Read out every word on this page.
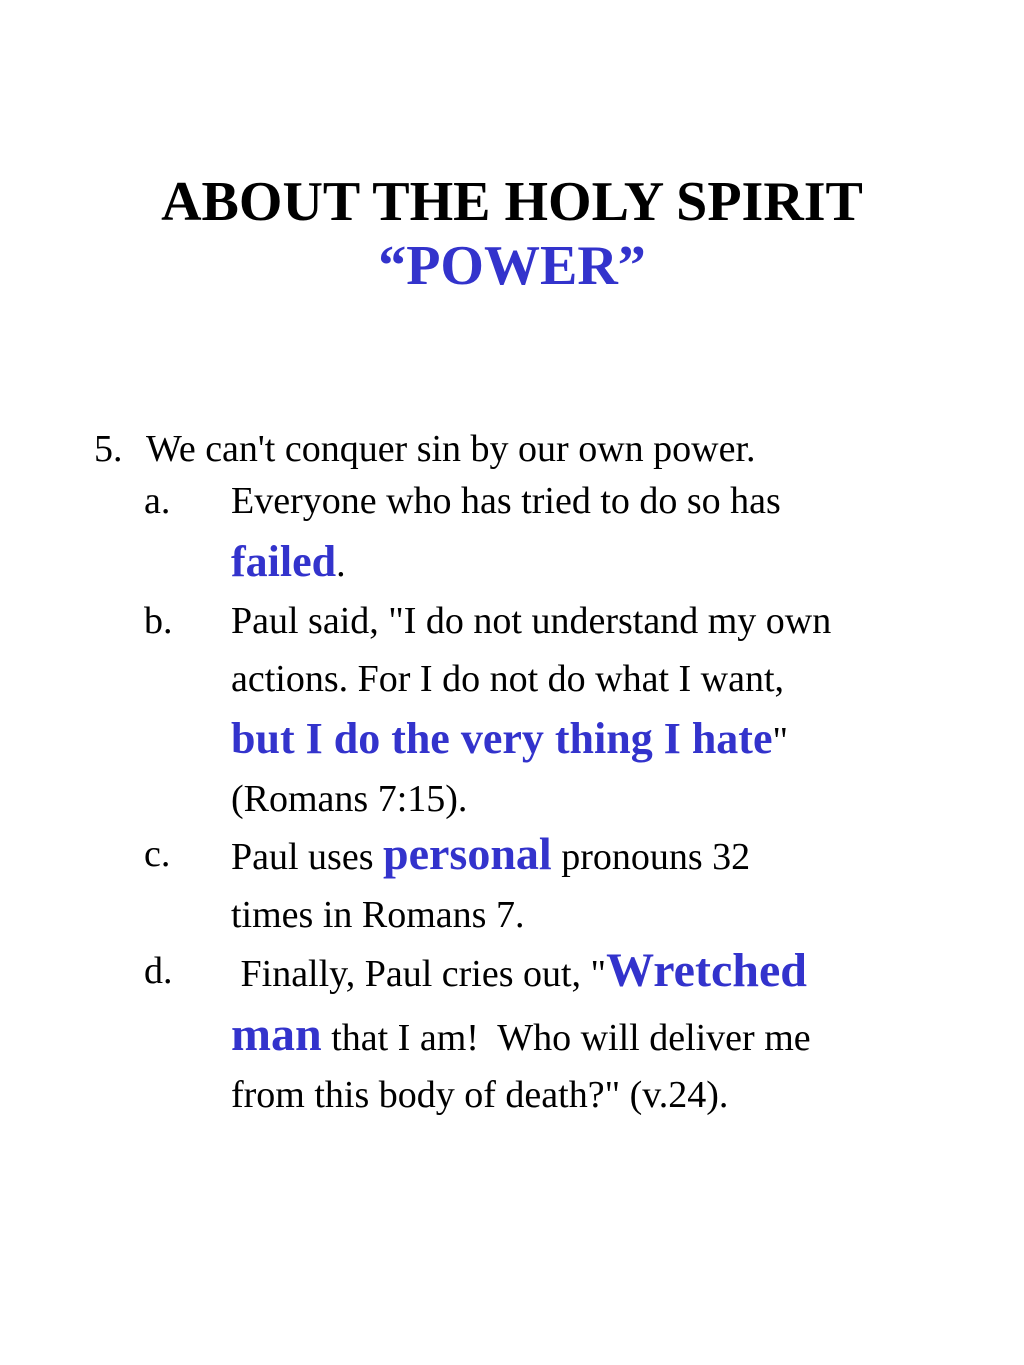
ABOUT THE HOLY SPIRIT
“POWER”
5. We can't conquer sin by our own power.
a. Everyone who has tried to do so has
failed.
b. Paul said, "I do not understand my own
actions. For I do not do what I want,
but I do the very thing I hate"
(Romans 7:15).
c. Paul uses personal pronouns 32
times in Romans 7.
d. Finally, Paul cries out, "Wretched
man that I am!  Who will deliver me
from this body of death?" (v.24).
